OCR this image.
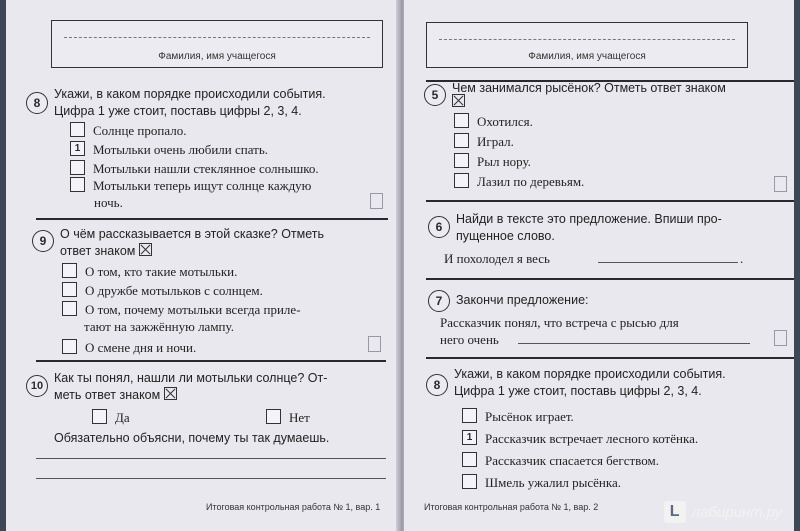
Фамилия, имя учащегося
8
Укажи, в каком порядке происходили события.
Цифра 1 уже стоит, поставь цифры 2, 3, 4.
Солнце пропало.
1 Мотыльки очень любили спать.
Мотыльки нашли стеклянное солнышко.
Мотыльки теперь ищут солнце каждую
ночь.
9	О чём рассказывается в этой сказке? Отметь
ответ знаком
О том, кто такие мотыльки.
О дружбе мотыльков с солнцем.
О том, почему мотыльки всегда прилe-
тают на зажжённую лампу.
О смене дня и ночи.
10
Как ты понял, нашли ли мотыльки солнце? От-
меть ответ знаком
Да	Нет
Обязательно объясни, почему ты так думаешь.
Итоговая контрольная работа № 1, вар. 1
Фамилия, имя учащегося
5	Чем занимался рысёнок? Отметь ответ знаком
Охотился.
Играл.
Рыл нору.
Лазил по деревьям.
6
Найди в тексте это предложение. Впиши про-
пущенное слово.
И похолодел я весь	.
7	Закончи предложение:
Рассказчик понял, что встреча с рысью для
него очень
8
Укажи, в каком порядке происходили события.
Цифра 1 уже стоит, поставь цифры 2, 3, 4.
Рысёнок играет.
1 Рассказчик встречает лесного котёнка.
Рассказчик спасается бегством.
Шмель ужалил рысёнка.
Итоговая контрольная работа № 1, вар. 2	L лабиринт.ру
